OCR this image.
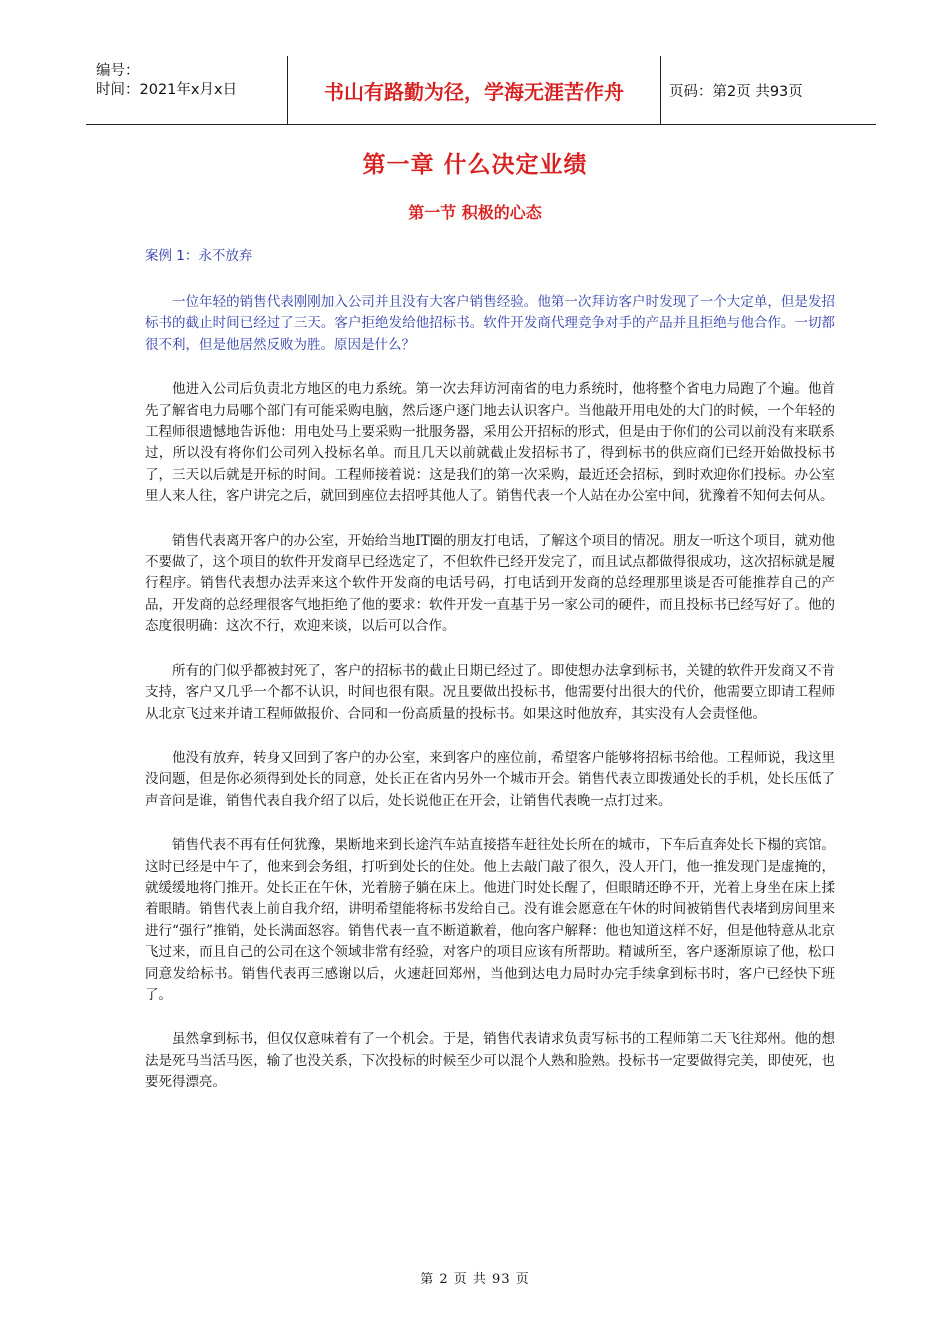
编号：
时间：2021年x月x日	书山有路勤为径，学海无涯苦作舟	页码：第2页 共93页
第一章 什么决定业绩
第一节 积极的心态
案例 1：永不放弃

一位年轻的销售代表刚刚加入公司并且没有大客户销售经验。他第一次拜访客户时发现了一个大定单，但是发招标书的截止时间已经过了三天。客户拒绝发给他招标书。软件开发商代理竞争对手的产品并且拒绝与他合作。一切都很不利，但是他居然反败为胜。原因是什么？

他进入公司后负责北方地区的电力系统。第一次去拜访河南省的电力系统时，他将整个省电力局跑了个遍。他首先了解省电力局哪个部门有可能采购电脑，然后逐户逐门地去认识客户。当他敲开用电处的大门的时候，一个年轻的工程师很遗憾地告诉他：用电处马上要采购一批服务器，采用公开招标的形式，但是由于你们的公司以前没有来联系过，所以没有将你们公司列入投标名单。而且几天以前就截止发招标书了，得到标书的供应商们已经开始做投标书了，三天以后就是开标的时间。工程师接着说：这是我们的第一次采购，最近还会招标，到时欢迎你们投标。办公室里人来人往，客户讲完之后，就回到座位去招呼其他人了。销售代表一个人站在办公室中间，犹豫着不知何去何从。

销售代表离开客户的办公室，开始给当地IT圈的朋友打电话，了解这个项目的情况。朋友一听这个项目，就劝他不要做了，这个项目的软件开发商早已经选定了，不但软件已经开发完了，而且试点都做得很成功，这次招标就是履行程序。销售代表想办法弄来这个软件开发商的电话号码，打电话到开发商的总经理那里谈是否可能推荐自己的产品，开发商的总经理很客气地拒绝了他的要求：软件开发一直基于另一家公司的硬件，而且投标书已经写好了。他的态度很明确：这次不行，欢迎来谈，以后可以合作。

所有的门似乎都被封死了，客户的招标书的截止日期已经过了。即使想办法拿到标书，关键的软件开发商又不肯支持，客户又几乎一个都不认识，时间也很有限。况且要做出投标书，他需要付出很大的代价，他需要立即请工程师从北京飞过来并请工程师做报价、合同和一份高质量的投标书。如果这时他放弃，其实没有人会责怪他。

他没有放弃，转身又回到了客户的办公室，来到客户的座位前，希望客户能够将招标书给他。工程师说，我这里没问题，但是你必须得到处长的同意，处长正在省内另外一个城市开会。销售代表立即拨通处长的手机，处长压低了声音问是谁，销售代表自我介绍了以后，处长说他正在开会，让销售代表晚一点打过来。

销售代表不再有任何犹豫，果断地来到长途汽车站直接搭车赶往处长所在的城市，下车后直奔处长下榻的宾馆。这时已经是中午了，他来到会务组，打听到处长的住处。他上去敲门敲了很久，没人开门，他一推发现门是虚掩的，就缓缓地将门推开。处长正在午休，光着膀子躺在床上。他进门时处长醒了，但眼睛还睁不开，光着上身坐在床上揉着眼睛。销售代表上前自我介绍，讲明希望能将标书发给自己。没有谁会愿意在午休的时间被销售代表堵到房间里来进行“强行”推销，处长满面怒容。销售代表一直不断道歉着，他向客户解释：他也知道这样不好，但是他特意从北京飞过来，而且自己的公司在这个领域非常有经验，对客户的项目应该有所帮助。精诚所至，客户逐渐原谅了他，松口同意发给标书。销售代表再三感谢以后，火速赶回郑州，当他到达电力局时办完手续拿到标书时，客户已经快下班了。

虽然拿到标书，但仅仅意味着有了一个机会。于是，销售代表请求负责写标书的工程师第二天飞往郑州。他的想法是死马当活马医，输了也没关系，下次投标的时候至少可以混个人熟和脸熟。投标书一定要做得完美，即使死，也要死得漂亮。

第 2 页 共 93 页
